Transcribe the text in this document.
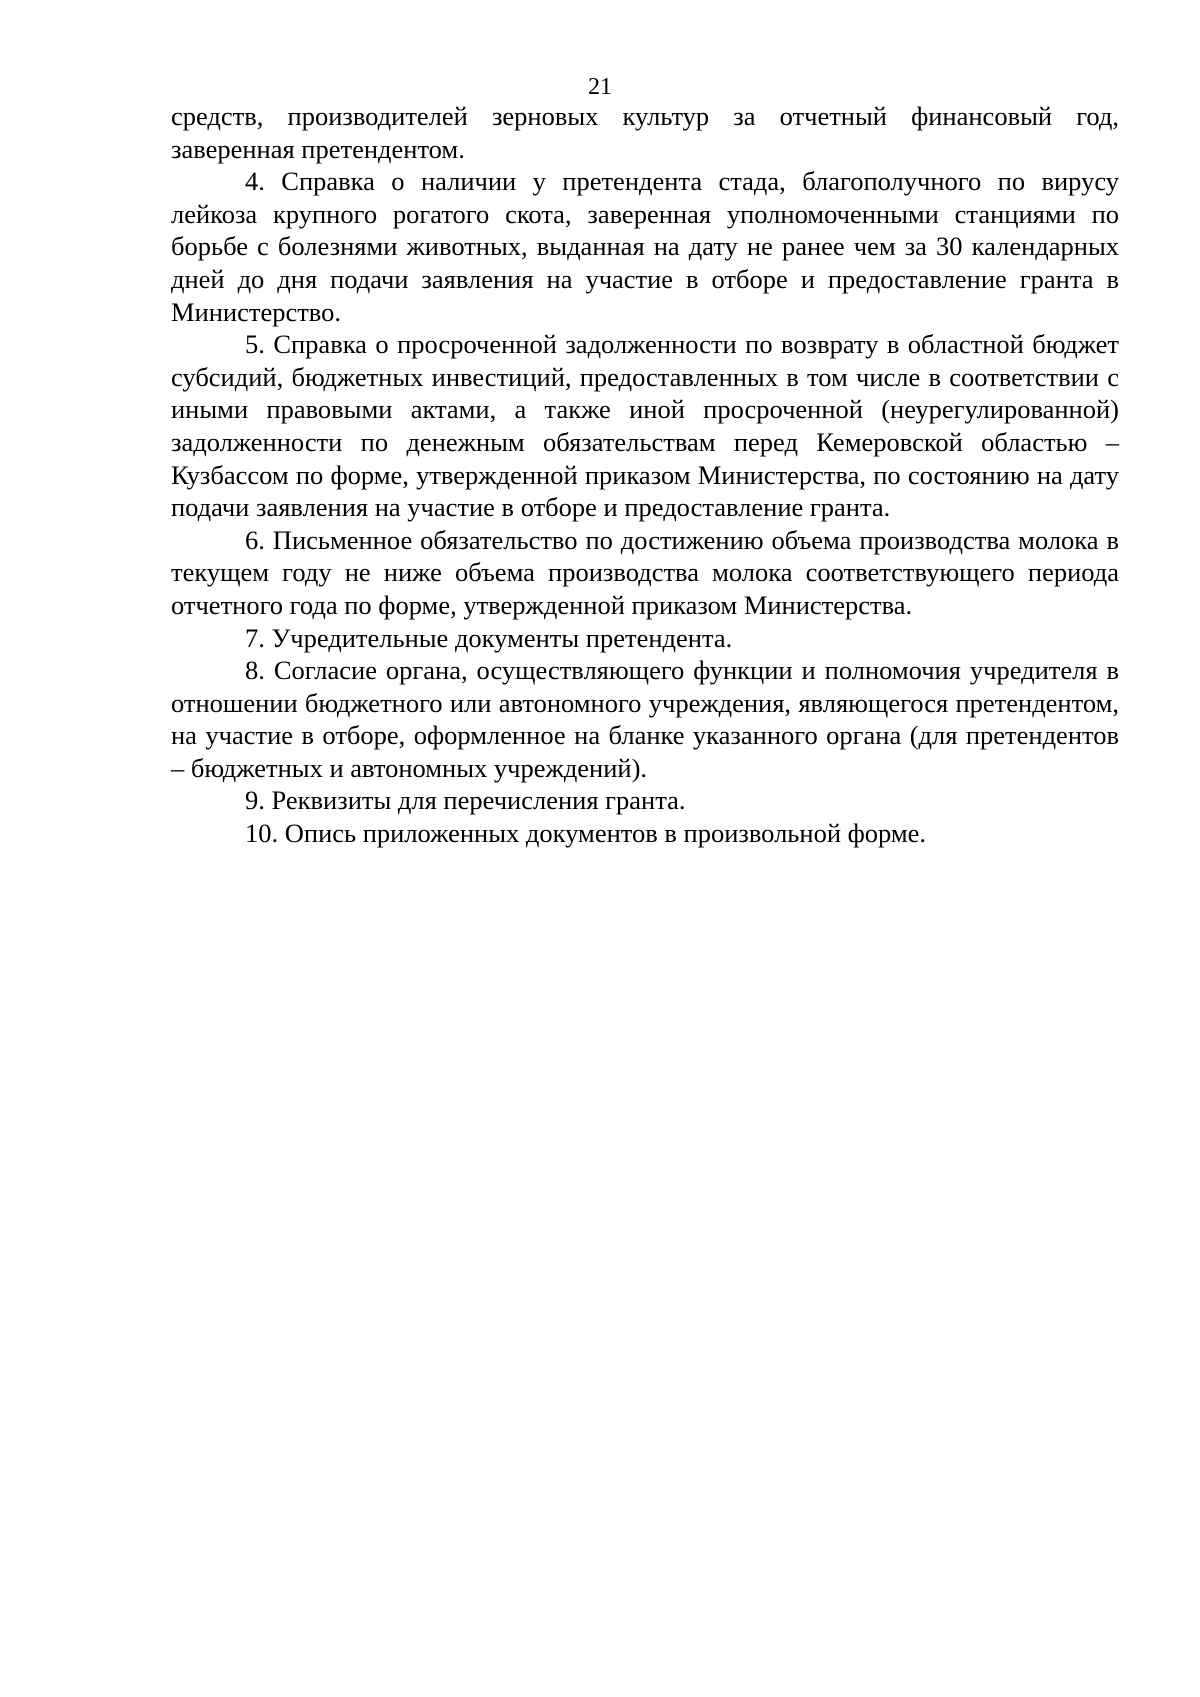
21

средств, производителей зерновых культур за отчетный финансовый год, заверенная претендентом.

4. Справка о наличии у претендента стада, благополучного по вирусу лейкоза крупного рогатого скота, заверенная уполномоченными станциями по борьбе с болезнями животных, выданная на дату не ранее чем за 30 календарных дней до дня подачи заявления на участие в отборе и предоставление гранта в Министерство.

5. Справка о просроченной задолженности по возврату в областной бюджет субсидий, бюджетных инвестиций, предоставленных в том числе в соответствии с иными правовыми актами, а также иной просроченной (неурегулированной) задолженности по денежным обязательствам перед Кемеровской областью – Кузбассом по форме, утвержденной приказом Министерства, по состоянию на дату подачи заявления на участие в отборе и предоставление гранта.

6. Письменное обязательство по достижению объема производства молока в текущем году не ниже объема производства молока соответствующего периода отчетного года по форме, утвержденной приказом Министерства.

7. Учредительные документы претендента.

8. Согласие органа, осуществляющего функции и полномочия учредителя в отношении бюджетного или автономного учреждения, являющегося претендентом, на участие в отборе, оформленное на бланке указанного органа (для претендентов – бюджетных и автономных учреждений).

9. Реквизиты для перечисления гранта.

10. Опись приложенных документов в произвольной форме.
